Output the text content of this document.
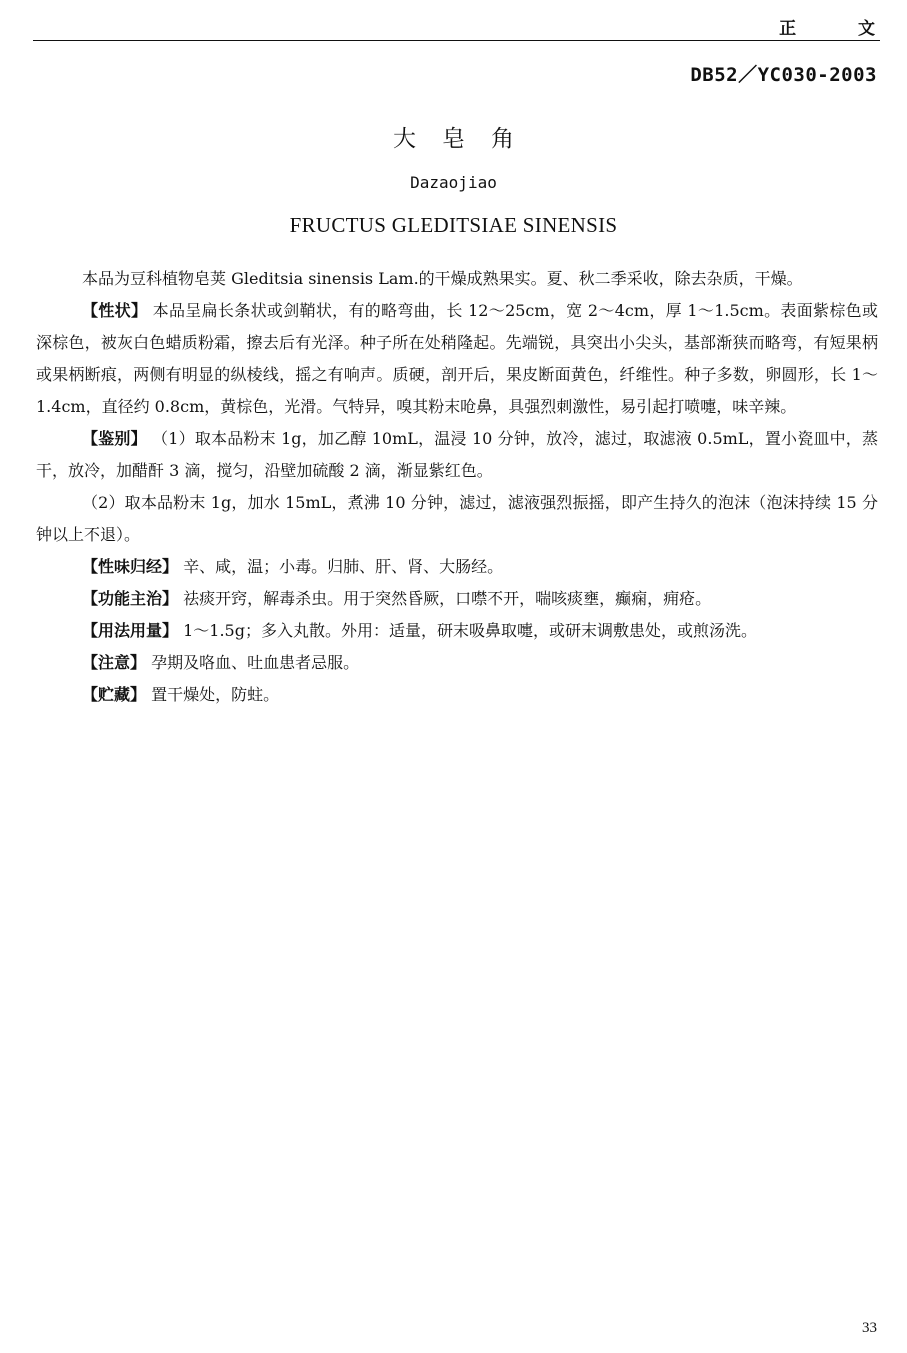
正 文
DB52／YC030-2003
大皂角
Dazaojiao
FRUCTUS GLEDITSIAE SINENSIS

本品为豆科植物皂荚 Gleditsia sinensis Lam.的干燥成熟果实。夏、秋二季采收，除去杂质，干燥。

【性状】 本品呈扁长条状或剑鞘状，有的略弯曲，长 12～25cm，宽 2～4cm，厚 1～1.5cm。表面紫棕色或深棕色，被灰白色蜡质粉霜，擦去后有光泽。种子所在处稍隆起。先端锐，具突出小尖头，基部渐狭而略弯，有短果柄或果柄断痕，两侧有明显的纵棱线，摇之有响声。质硬，剖开后，果皮断面黄色，纤维性。种子多数，卵圆形，长 1～1.4cm，直径约 0.8cm，黄棕色，光滑。气特异，嗅其粉末呛鼻，具强烈刺激性，易引起打喷嚏，味辛辣。

【鉴别】 （1）取本品粉末 1g，加乙醇 10mL，温浸 10 分钟，放冷，滤过，取滤液 0.5mL，置小瓷皿中，蒸干，放冷，加醋酐 3 滴，搅匀，沿壁加硫酸 2 滴，渐显紫红色。

（2）取本品粉末 1g，加水 15mL，煮沸 10 分钟，滤过，滤液强烈振摇，即产生持久的泡沫（泡沫持续 15 分钟以上不退）。

【性味归经】 辛、咸，温；小毒。归肺、肝、肾、大肠经。

【功能主治】 祛痰开窍，解毒杀虫。用于突然昏厥，口噤不开，喘咳痰壅，癫痫，痈疮。

【用法用量】 1～1.5g；多入丸散。外用：适量，研末吸鼻取嚏，或研末调敷患处，或煎汤洗。

【注意】 孕期及咯血、吐血患者忌服。

【贮藏】 置干燥处，防蛀。

33
